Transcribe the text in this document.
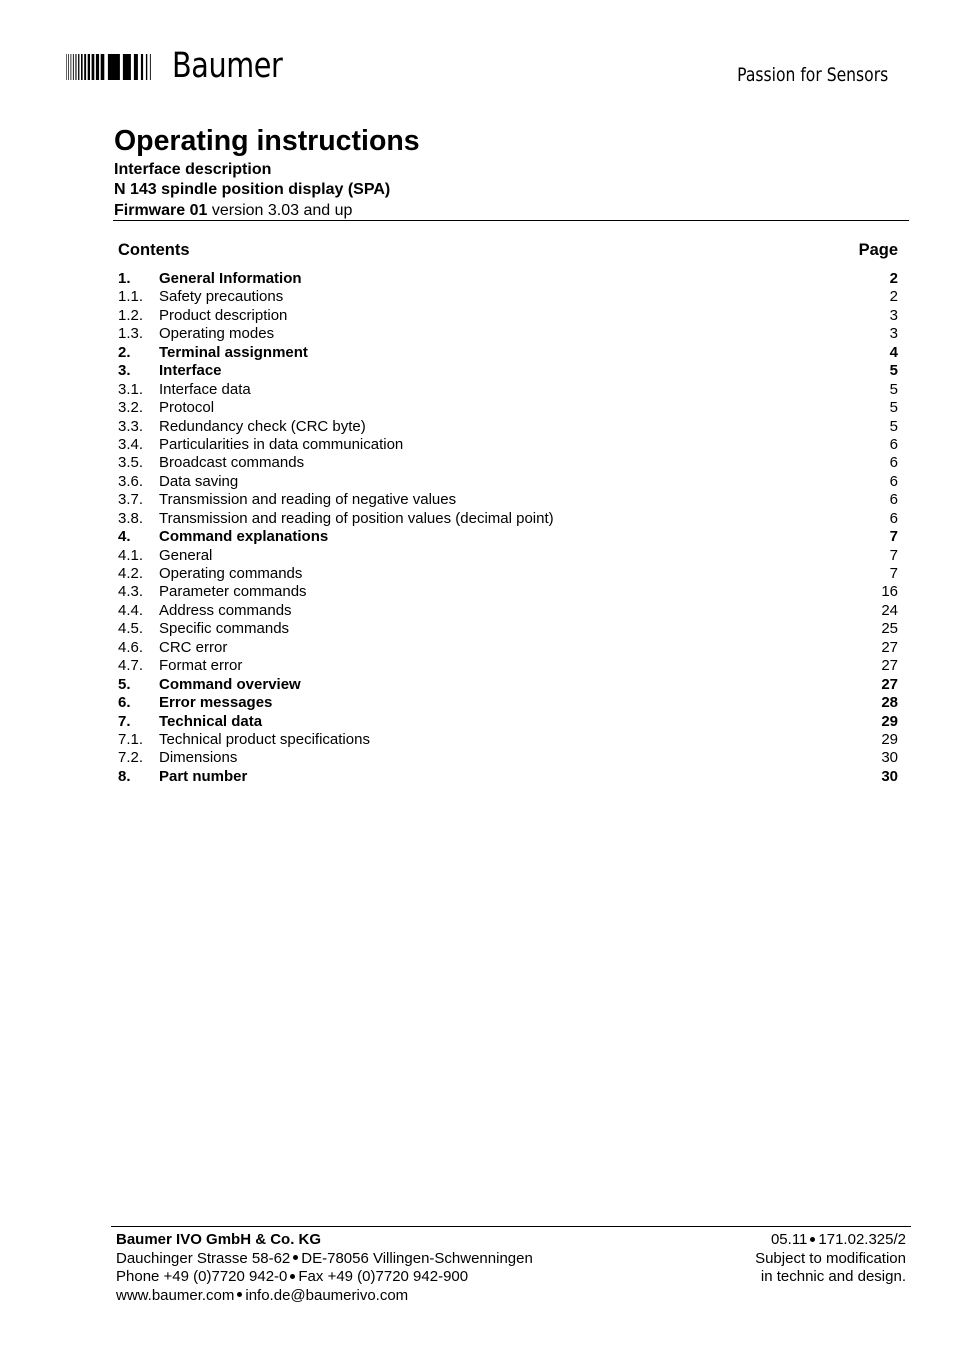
Baumer	Passion for Sensors
Operating instructions
Interface description
N 143 spindle position display (SPA)
Firmware 01 version 3.03 and up
Contents	Page
1. General Information	2
1.1. Safety precautions	2
1.2. Product description	3
1.3. Operating modes	3
2. Terminal assignment	4
3. Interface	5
3.1. Interface data	5
3.2. Protocol	5
3.3. Redundancy check (CRC byte)	5
3.4. Particularities in data communication	6
3.5. Broadcast commands	6
3.6. Data saving	6
3.7. Transmission and reading of negative values	6
3.8. Transmission and reading of position values (decimal point)	6
4. Command explanations	7
4.1. General	7
4.2. Operating commands	7
4.3. Parameter commands	16
4.4. Address commands	24
4.5. Specific commands	25
4.6. CRC error	27
4.7. Format error	27
5. Command overview	27
6. Error messages	28
7. Technical data	29
7.1. Technical product specifications	29
7.2. Dimensions	30
8. Part number	30
Baumer IVO GmbH & Co. KG
Dauchinger Strasse 58-62 DE-78056 Villingen-Schwenningen
Phone +49 (0)7720 942-0 Fax +49 (0)7720 942-900
www.baumer.com info.de@baumerivo.com
05.11 171.02.325/2
Subject to modification
in technic and design.
